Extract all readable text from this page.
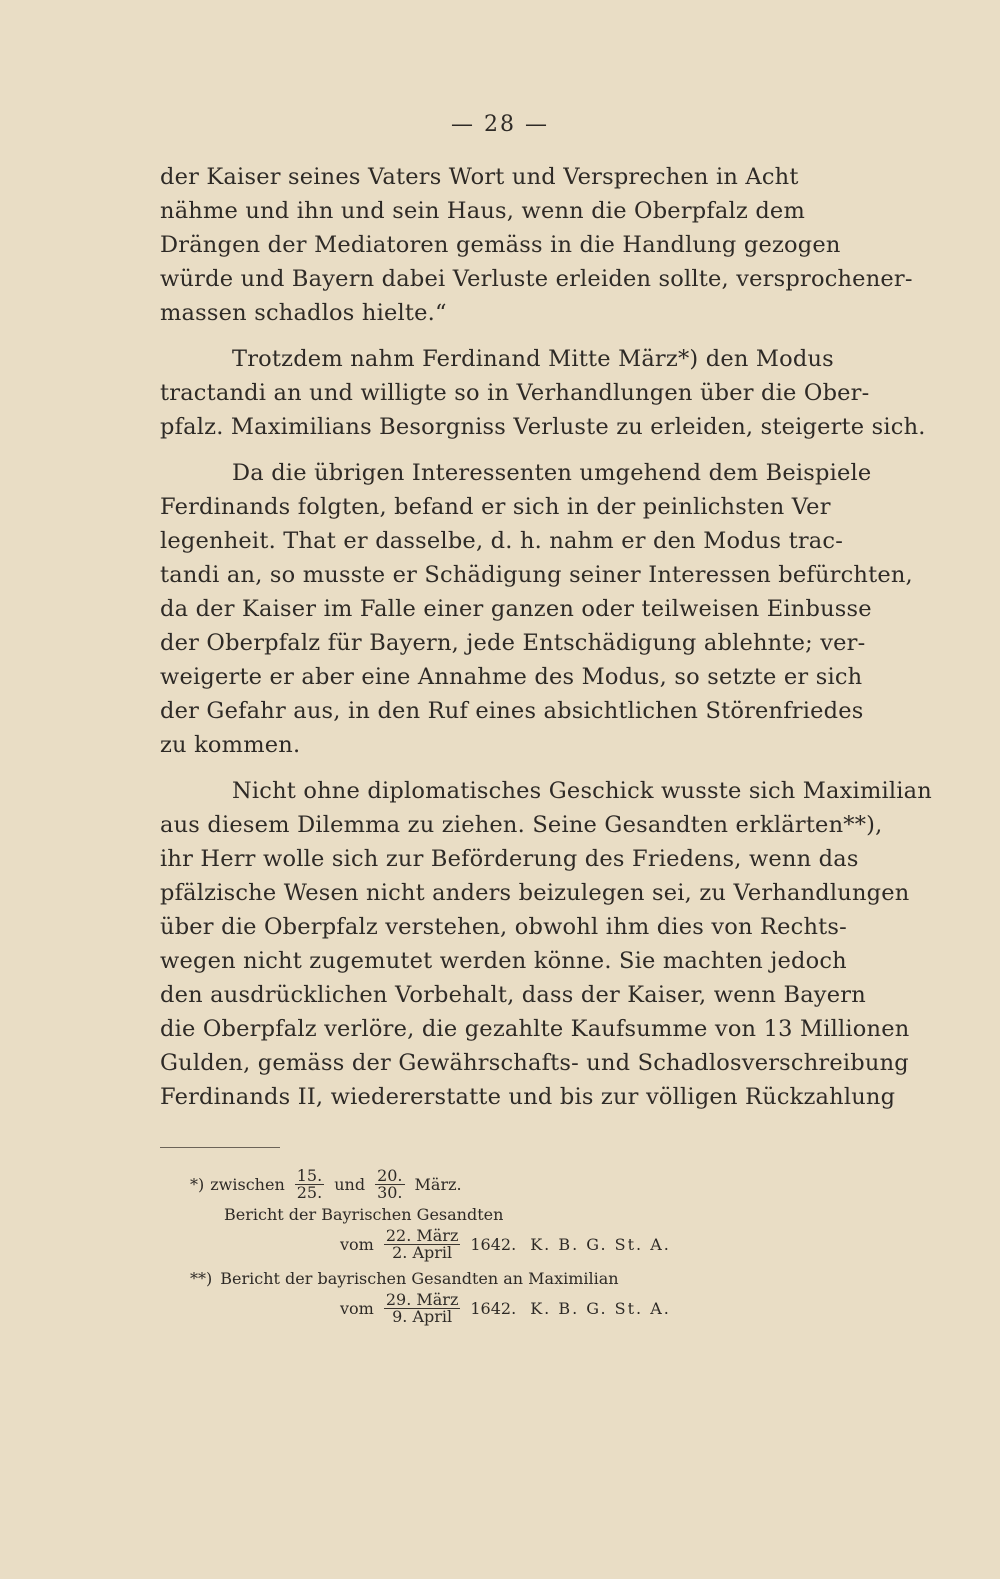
— 28 —
der Kaiser seines Vaters Wort und Versprechen in Acht
nähme und ihn und sein Haus, wenn die Oberpfalz dem
Drängen der Mediatoren gemäss in die Handlung gezogen
würde und Bayern dabei Verluste erleiden sollte, versprochener-
massen schadlos hielte.“
Trotzdem nahm Ferdinand Mitte März*) den Modus
tractandi an und willigte so in Verhandlungen über die Ober-
pfalz. Maximilians Besorgniss Verluste zu erleiden, steigerte sich.
Da die übrigen Interessenten umgehend dem Beispiele
Ferdinands folgten, befand er sich in der peinlichsten Ver
legenheit. That er dasselbe, d. h. nahm er den Modus trac-
tandi an, so musste er Schädigung seiner Interessen befürchten,
da der Kaiser im Falle einer ganzen oder teilweisen Einbusse
der Oberpfalz für Bayern, jede Entschädigung ablehnte; ver-
weigerte er aber eine Annahme des Modus, so setzte er sich
der Gefahr aus, in den Ruf eines absichtlichen Störenfriedes
zu kommen.
Nicht ohne diplomatisches Geschick wusste sich Maximilian
aus diesem Dilemma zu ziehen. Seine Gesandten erklärten**),
ihr Herr wolle sich zur Beförderung des Friedens, wenn das
pfälzische Wesen nicht anders beizulegen sei, zu Verhandlungen
über die Oberpfalz verstehen, obwohl ihm dies von Rechts-
wegen nicht zugemutet werden könne. Sie machten jedoch
den ausdrücklichen Vorbehalt, dass der Kaiser, wenn Bayern
die Oberpfalz verlöre, die gezahlte Kaufsumme von 13 Millionen
Gulden, gemäss der Gewährschafts- und Schadlosverschreibung
Ferdinands II, wiedererstatte und bis zur völligen Rückzahlung
*) zwischen $\frac{15.}{25.}$ und $\frac{20.}{30.}$ März.
Bericht der Bayrischen Gesandten
vom $\frac{\text{22. März}}{\text{2. April}} 1642$. K. B. G. St. A.
**) Bericht der bayrischen Gesandten an Maximilian
vom $\frac{\text{29. März}}{\text{9. April}} 1642$. K. B. G. St. A.
